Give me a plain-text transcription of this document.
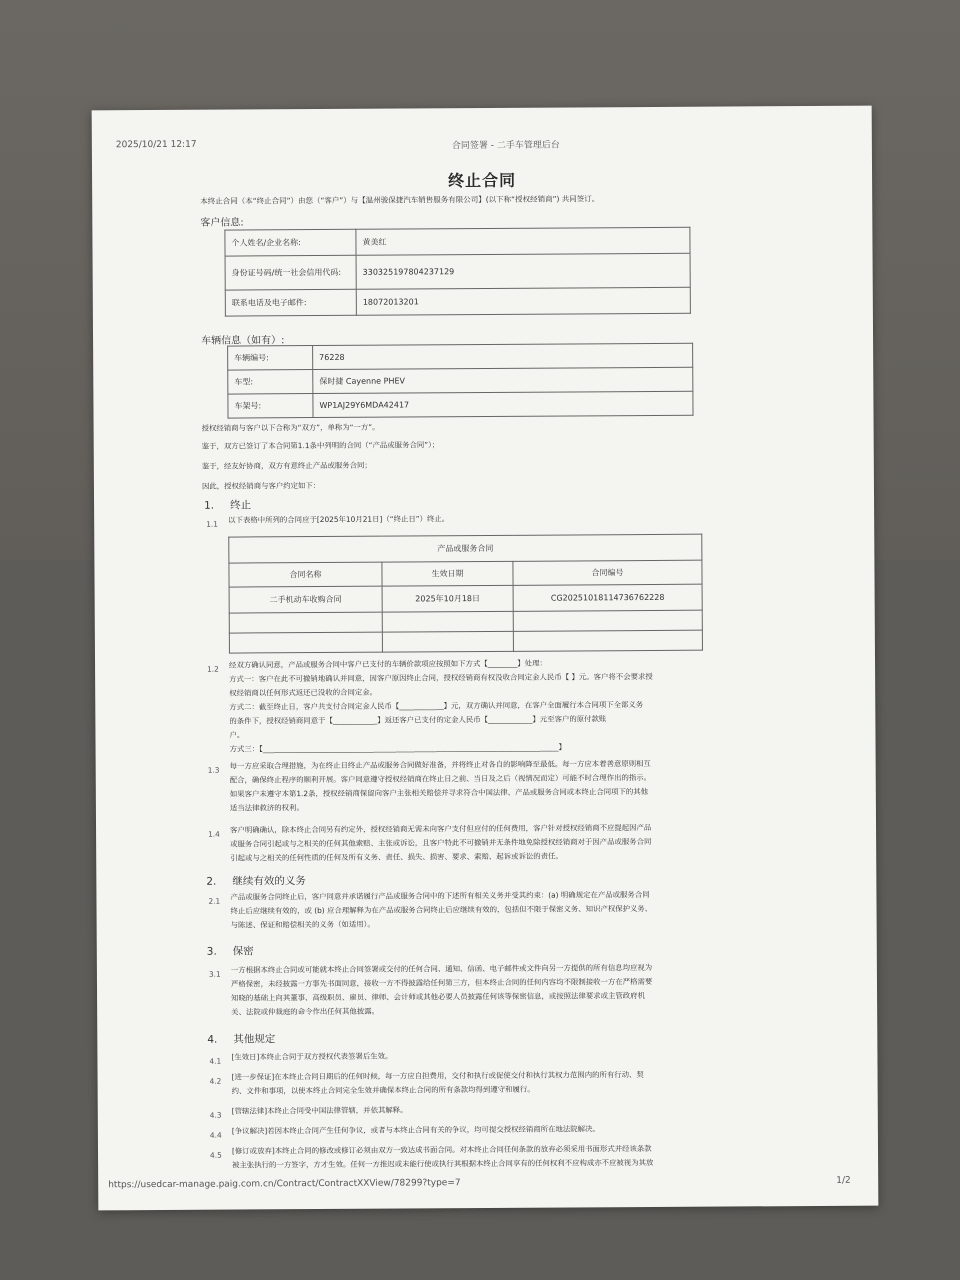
2025/10/21 12:17	合同签署 - 二手车管理后台
终止合同
本终止合同（本“终止合同”）由您（“客户”）与【温州骏保捷汽车销售服务有限公司】(以下称“授权经销商”) 共同签订。
客户信息:
个人姓名/企业名称:	黄美红
身份证号码/统一社会信用代码:	330325197804237129
联系电话及电子邮件:	18072013201
车辆信息（如有）:
车辆编号:	76228
车型:	保时捷 Cayenne PHEV
车架号:	WP1AJ29Y6MDA42417
授权经销商与客户以下合称为“双方”，单称为“一方”。
鉴于，双方已签订了本合同第1.1条中列明的合同（“产品或服务合同”）；
鉴于，经友好协商，双方有意终止产品或服务合同；
因此，授权经销商与客户约定如下：
1. 终止
1.1 以下表格中所列的合同应于[2025年10月21日]（“终止日”）终止。
产品或服务合同		
合同名称	生效日期	合同编号
二手机动车收购合同	2025年10月18日	CG20251018114736762228

1.2 经双方确认同意，产品或服务合同中客户已支付的车辆价款项应按照如下方式【________】处理：
方式一：客户在此不可撤销地确认并同意，因客户原因终止合同，授权经销商有权没收合同定金人民币【 】元。客户将不会要求授
权经销商以任何形式返还已没收的合同定金。
方式二：截至终止日，客户共支付合同定金人民币【____________】元，双方确认并同意，在客户全面履行本合同项下全部义务
的条件下，授权经销商同意于【____________】返还客户已支付的定金人民币【____________】元至客户的原付款账
户。
方式三：【________________________________________________________________________________】
1.3 每一方应采取合理措施，为在终止日终止产品或服务合同做好准备，并将终止对各自的影响降至最低。每一方应本着善意原则相互
配合，确保终止程序的顺利开展。客户同意遵守授权经销商在终止日之前、当日及之后（视情况而定）可能不时合理作出的指示。
如果客户未遵守本第1.2条，授权经销商保留向客户主张相关赔偿并寻求符合中国法律、产品或服务合同或本终止合同项下的其他
适当法律救济的权利。
1.4 客户明确确认，除本终止合同另有约定外，授权经销商无需未向客户支付但应付的任何费用，客户针对授权经销商不应提起因产品
或服务合同引起或与之相关的任何其他索赔、主张或诉讼，且客户特此不可撤销并无条件地免除授权经销商对于因产品或服务合同
引起或与之相关的任何性质的任何及所有义务、责任、损失、损害、要求、索赔、起诉或诉讼的责任。
2. 继续有效的义务
2.1 产品或服务合同终止后，客户同意并承诺履行产品或服务合同中的下述所有相关义务并受其约束：(a) 明确规定在产品或服务合同
终止后应继续有效的，或 (b) 应合理解释为在产品或服务合同终止后应继续有效的，包括但不限于保密义务、知识产权保护义务、
与陈述、保证和赔偿相关的义务（如适用）。
3. 保密
3.1 一方根据本终止合同或可能就本终止合同签署或交付的任何合同、通知、信函、电子邮件或文件向另一方提供的所有信息均应视为
严格保密，未经披露一方事先书面同意，接收一方不得披露给任何第三方，但本终止合同的任何内容均不限制接收一方在严格需要
知晓的基础上向其董事、高级职员、雇员、律师、会计师或其他必要人员披露任何该等保密信息，或按照法律要求或主管政府机
关、法院或仲裁庭的命令作出任何其他披露。
4. 其他规定
4.1 [生效日]本终止合同于双方授权代表签署后生效。
4.2 [进一步保证]在本终止合同日期后的任何时候，每一方应自担费用，交付和执行或促使交付和执行其权力范围内的所有行动、契
约、文件和事项，以使本终止合同完全生效并确保本终止合同的所有条款均得到遵守和履行。
4.3 [管辖法律]本终止合同受中国法律管辖，并依其解释。
4.4 [争议解决]若因本终止合同产生任何争议，或者与本终止合同有关的争议，均可提交授权经销商所在地法院解决。
4.5 [修订或放弃]本终止合同的修改或修订必须由双方一致达成书面合同。对本终止合同任何条款的放弃必须采用书面形式并经该条款
被主张执行的一方签字，方才生效。任何一方推迟或未能行使或执行其根据本终止合同享有的任何权利不应构成亦不应被视为其放
https://usedcar-manage.paig.com.cn/Contract/ContractXXView/78299?type=7	1/2
